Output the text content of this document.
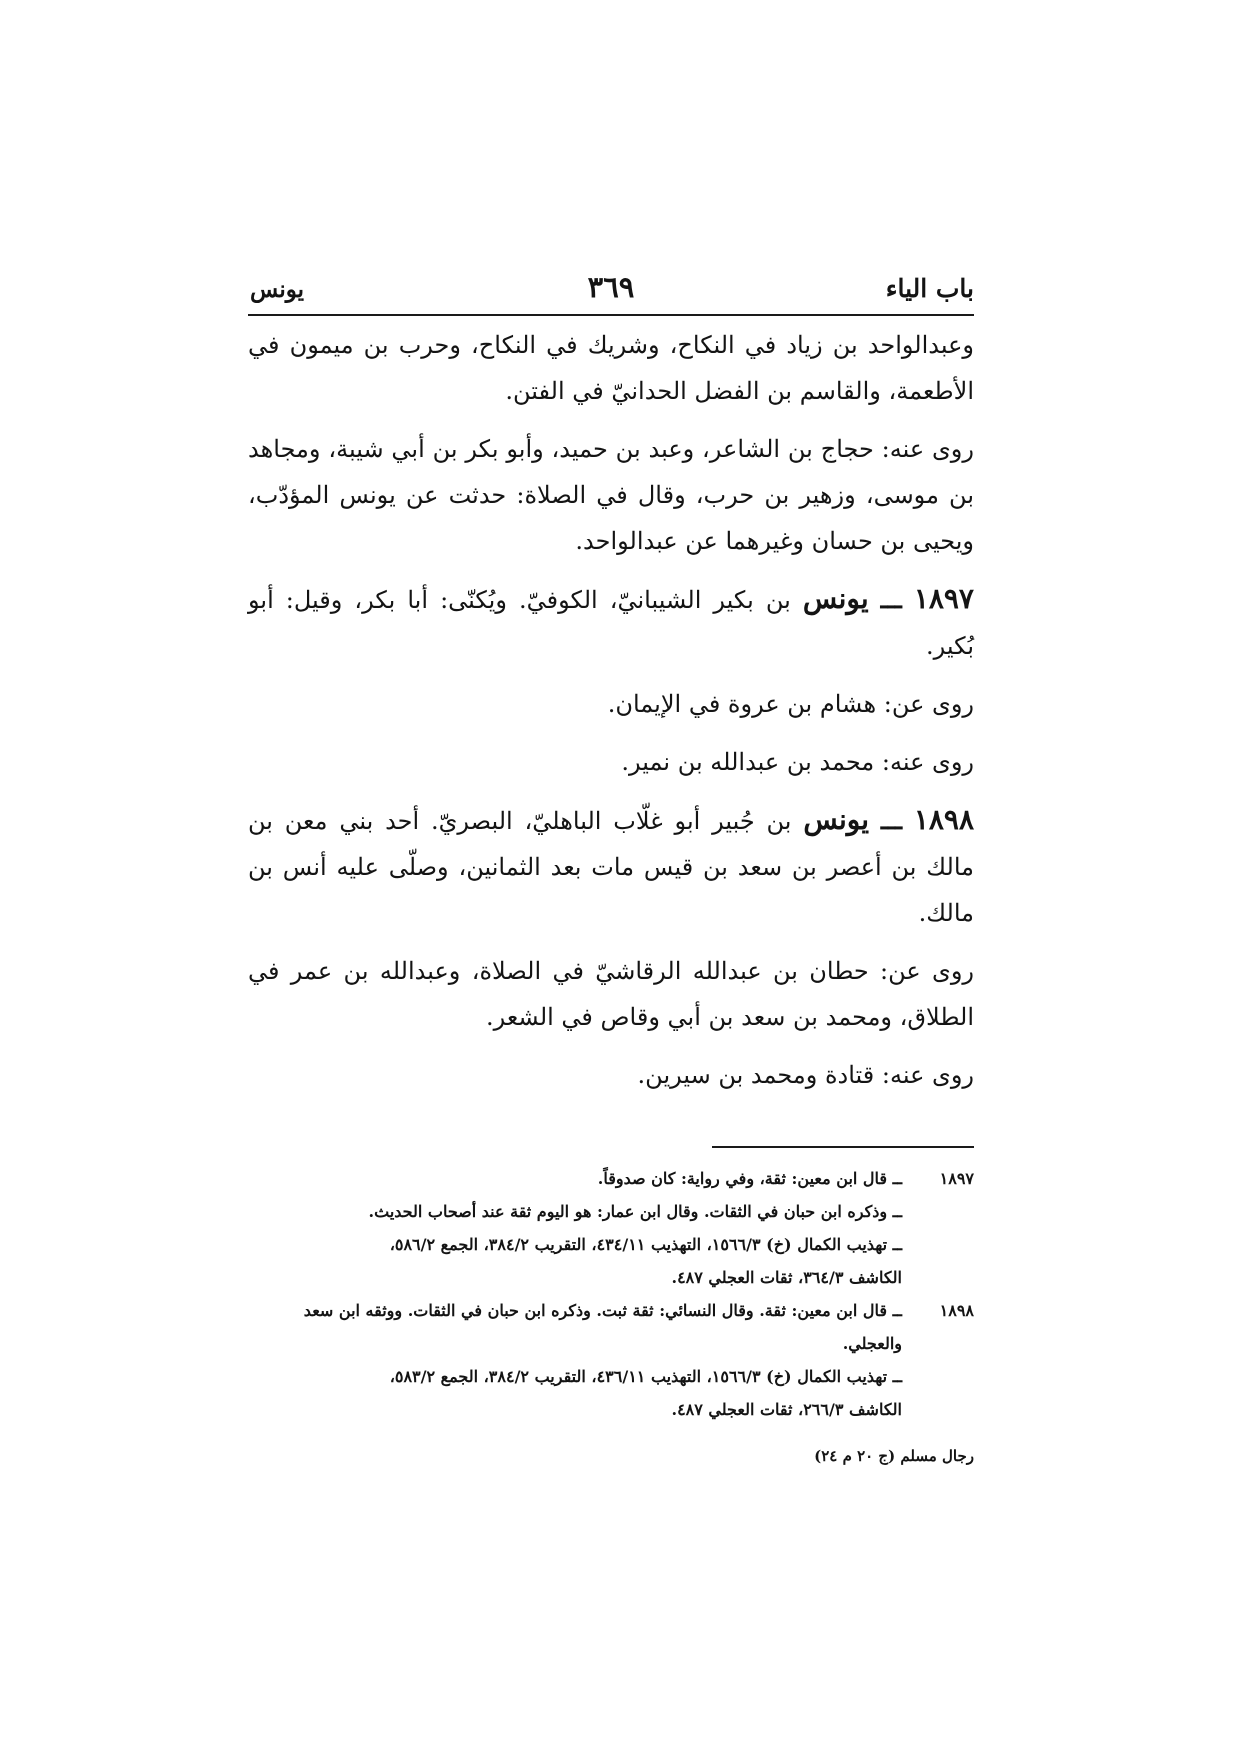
باب الياء
٣٦٩
يونس

وعبدالواحد بن زياد في النكاح، وشريك في النكاح، وحرب بن ميمون في الأطعمة، والقاسم بن الفضل الحدانيّ في الفتن.

روى عنه: حجاج بن الشاعر، وعبد بن حميد، وأبو بكر بن أبي شيبة، ومجاهد بن موسى، وزهير بن حرب، وقال في الصلاة: حدثت عن يونس المؤدّب، ويحيى بن حسان وغيرهما عن عبدالواحد.

١٨٩٧ ـــ يونس بن بكير الشيبانيّ، الكوفيّ. ويُكنّى: أبا بكر، وقيل: أبو بُكير.

روى عن: هشام بن عروة في الإيمان.

روى عنه: محمد بن عبدالله بن نمير.

١٨٩٨ ـــ يونس بن جُبير أبو غلّاب الباهليّ، البصريّ. أحد بني معن بن مالك بن أعصر بن سعد بن قيس مات بعد الثمانين، وصلّى عليه أنس بن مالك.

روى عن: حطان بن عبدالله الرقاشيّ في الصلاة، وعبدالله بن عمر في الطلاق، ومحمد بن سعد بن أبي وقاص في الشعر.

روى عنه: قتادة ومحمد بن سيرين.

١٨٩٧

ــ قال ابن معين: ثقة، وفي رواية: كان صدوقاً.

ــ وذكره ابن حبان في الثقات. وقال ابن عمار: هو اليوم ثقة عند أصحاب الحديث.

ــ تهذيب الكمال (خ) ١٥٦٦/٣، التهذيب ٤٣٤/١١، التقريب ٣٨٤/٢، الجمع ٥٨٦/٢،

الكاشف ٣٦٤/٣، ثقات العجلي ٤٨٧.

١٨٩٨

ــ قال ابن معين: ثقة. وقال النسائي: ثقة ثبت. وذكره ابن حبان في الثقات. ووثقه ابن سعد والعجلي.

ــ تهذيب الكمال (خ) ١٥٦٦/٣، التهذيب ٤٣٦/١١، التقريب ٣٨٤/٢، الجمع ٥٨٣/٢،

الكاشف ٢٦٦/٣، ثقات العجلي ٤٨٧.

رجال مسلم (ج ٢٠ م ٢٤)
